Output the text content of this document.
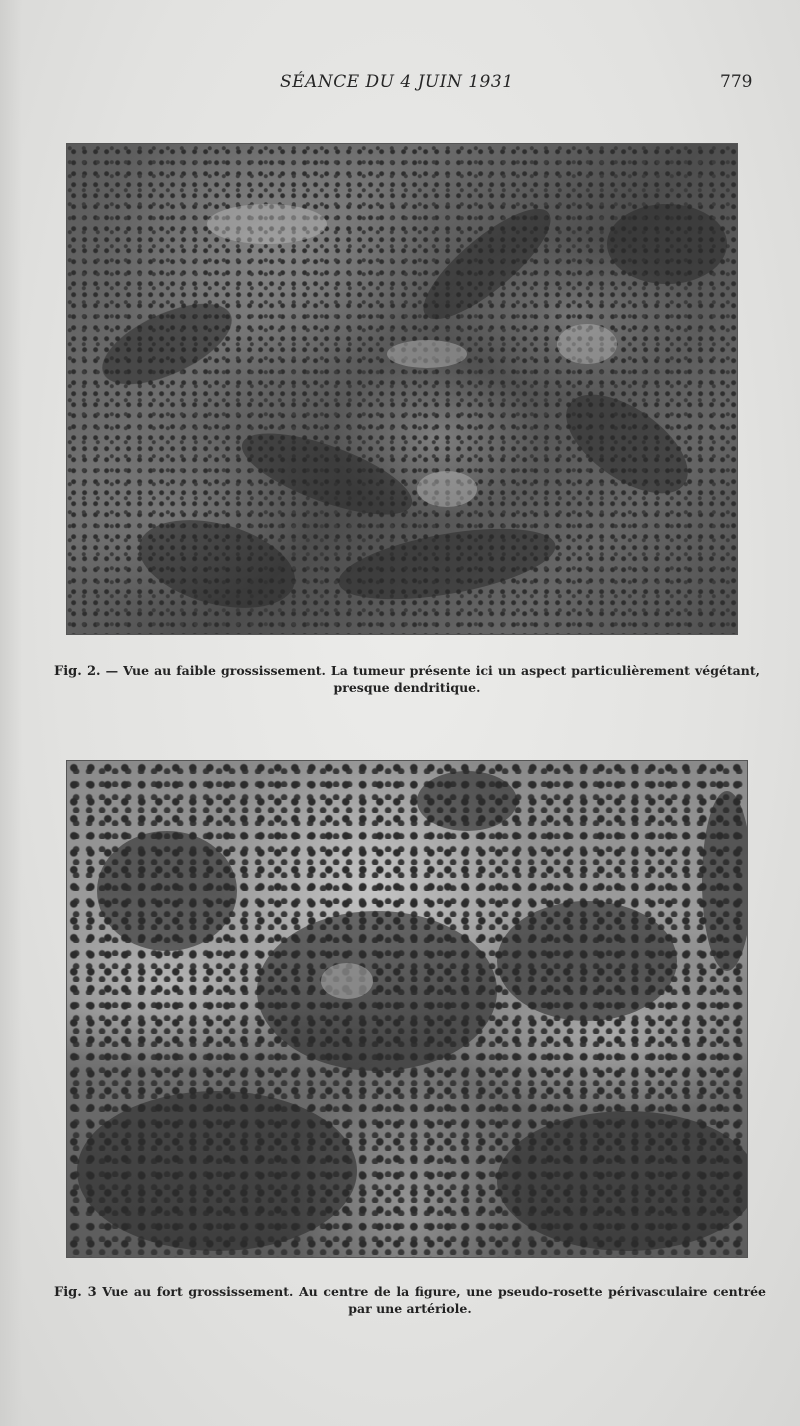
SÉANCE DU 4 JUIN 1931	779
Fig. 2. — Vue au faible grossissement. La tumeur présente ici un aspect particulièrement végétant,
presque dendritique.
Fig. 3 Vue au fort grossissement. Au centre de la figure, une pseudo-rosette périvasculaire centrée
par une artériole.
